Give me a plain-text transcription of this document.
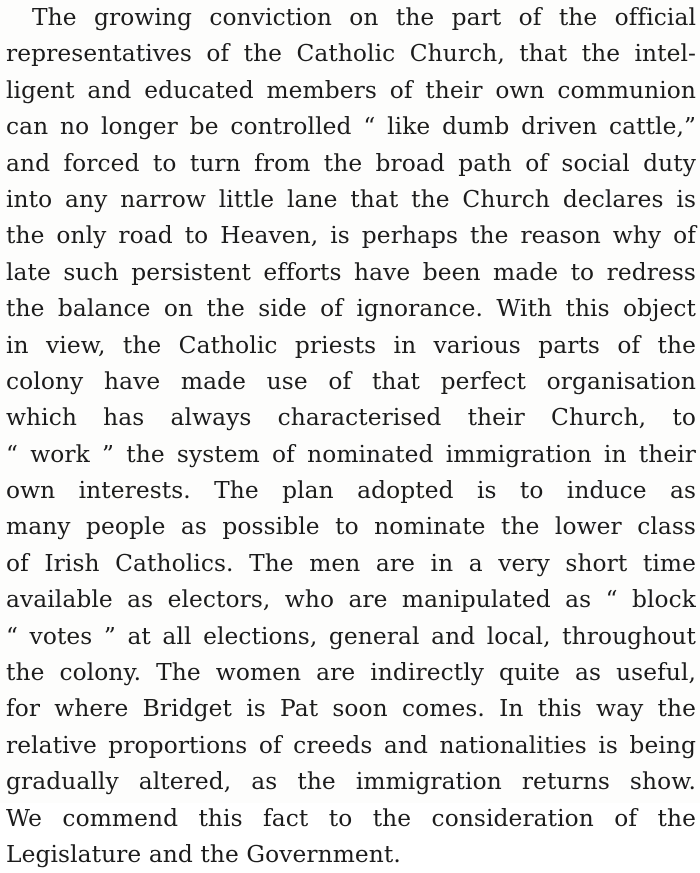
The growing conviction on the part of the official
representatives of the Catholic Church, that the intel-
ligent and educated members of their own communion
can no longer be controlled “ like dumb driven cattle,”
and forced to turn from the broad path of social duty
into any narrow little lane that the Church declares is
the only road to Heaven, is perhaps the reason why of
late such persistent efforts have been made to redress
the balance on the side of ignorance. With this object
in view, the Catholic priests in various parts of the
colony have made use of that perfect organisation
which has always characterised their Church, to
“ work ” the system of nominated immigration in their
own interests. The plan adopted is to induce as
many people as possible to nominate the lower class
of Irish Catholics. The men are in a very short time
available as electors, who are manipulated as “ block
“ votes ” at all elections, general and local, throughout
the colony. The women are indirectly quite as useful,
for where Bridget is Pat soon comes. In this way the
relative proportions of creeds and nationalities is being
gradually altered, as the immigration returns show.
We commend this fact to the consideration of the
Legislature and the Government.
